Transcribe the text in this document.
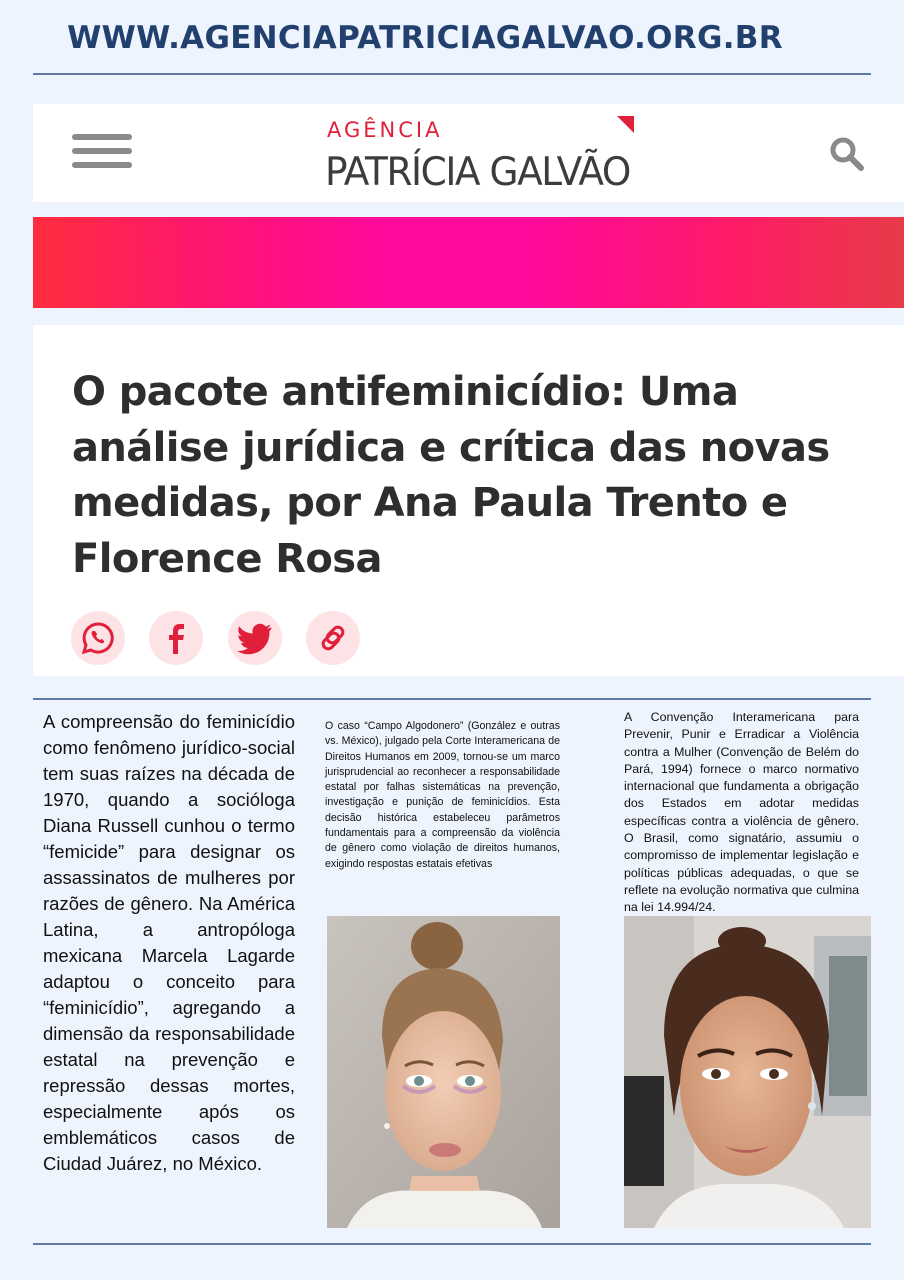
WWW.AGENCIAPATRICIAGALVAO.ORG.BR
AGÊNCIA
PATRÍCIA GALVÃO
O pacote antifeminicídio: Uma análise jurídica e crítica das novas medidas, por Ana Paula Trento e Florence Rosa

A compreensão do feminicídio como fenômeno jurídico-social tem suas raízes na década de 1970, quando a socióloga Diana Russell cunhou o termo “femicide” para designar os assassinatos de mulheres por razões de gênero. Na América Latina, a antropóloga mexicana Marcela Lagarde adaptou o conceito para “feminicídio”, agregando a dimensão da responsabilidade estatal na prevenção e repressão dessas mortes, especialmente após os emblemáticos casos de Ciudad Juárez, no México.

O caso “Campo Algodonero” (González e outras vs. México), julgado pela Corte Interamericana de Direitos Humanos em 2009, tornou-se um marco jurisprudencial ao reconhecer a responsabilidade estatal por falhas sistemáticas na prevenção, investigação e punição de feminicídios. Esta decisão histórica estabeleceu parâmetros fundamentais para a compreensão da violência de gênero como violação de direitos humanos, exigindo respostas estatais efetivas

A Convenção Interamericana para Prevenir, Punir e Erradicar a Violência contra a Mulher (Convenção de Belém do Pará, 1994) fornece o marco normativo internacional que fundamenta a obrigação dos Estados em adotar medidas específicas contra a violência de gênero. O Brasil, como signatário, assumiu o compromisso de implementar legislação e políticas públicas adequadas, o que se reflete na evolução normativa que culmina na lei 14.994/24.
